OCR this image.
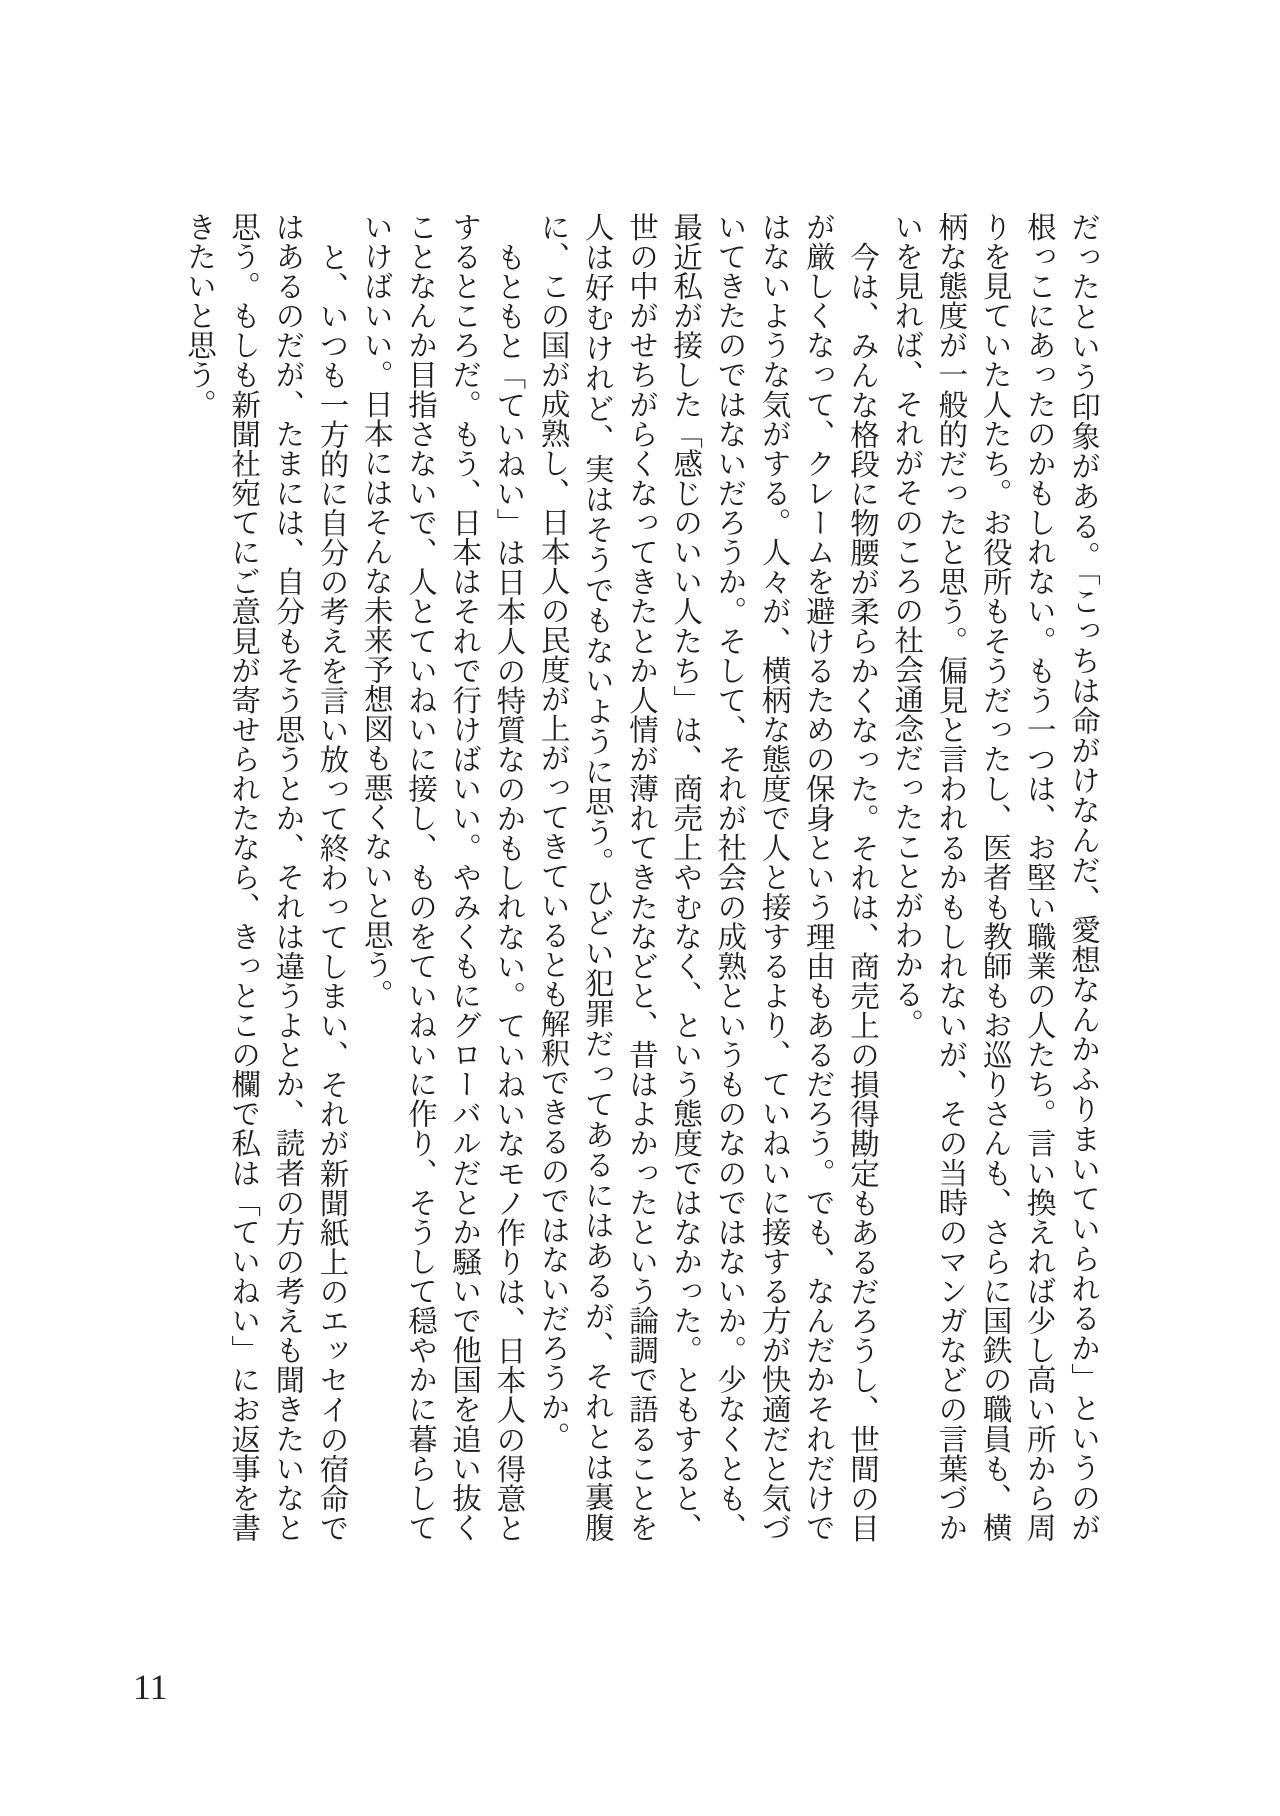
だったという印象がある。「こっちは命がけなんだ、愛想なんかふりまいていられるか」というのが根っこにあったのかもしれない。もう一つは、お堅い職業の人たち。言い換えれば少し高い所から周りを見ていた人たち。お役所もそうだったし、医者も教師もお巡りさんも、さらに国鉄の職員も、横柄な態度が一般的だったと思う。偏見と言われるかもしれないが、その当時のマンガなどの言葉づかいを見れば、それがそのころの社会通念だったことがわかる。

今は、みんな格段に物腰が柔らかくなった。それは、商売上の損得勘定もあるだろうし、世間の目が厳しくなって、クレームを避けるための保身という理由もあるだろう。でも、なんだかそれだけではないような気がする。人々が、横柄な態度で人と接するより、ていねいに接する方が快適だと気づいてきたのではないだろうか。そして、それが社会の成熟というものなのではないか。少なくとも、最近私が接した「感じのいい人たち」は、商売上やむなく、という態度ではなかった。ともすると、世の中がせちがらくなってきたとか人情が薄れてきたなどと、昔はよかったという論調で語ることを人は好むけれど、実はそうでもないように思う。ひどい犯罪だってあるにはあるが、それとは裏腹に、この国が成熟し、日本人の民度が上がってきているとも解釈できるのではないだろうか。

もともと「ていねい」は日本人の特質なのかもしれない。ていねいなモノ作りは、日本人の得意とするところだ。もう、日本はそれで行けばいい。やみくもにグローバルだとか騒いで他国を追い抜くことなんか目指さないで、人とていねいに接し、ものをていねいに作り、そうして穏やかに暮らしていけばいい。日本にはそんな未来予想図も悪くないと思う。

と、いつも一方的に自分の考えを言い放って終わってしまい、それが新聞紙上のエッセイの宿命ではあるのだが、たまには、自分もそう思うとか、それは違うよとか、読者の方の考えも聞きたいなと思う。もしも新聞社宛てにご意見が寄せられたなら、きっとこの欄で私は「ていねい」にお返事を書きたいと思う。

11
